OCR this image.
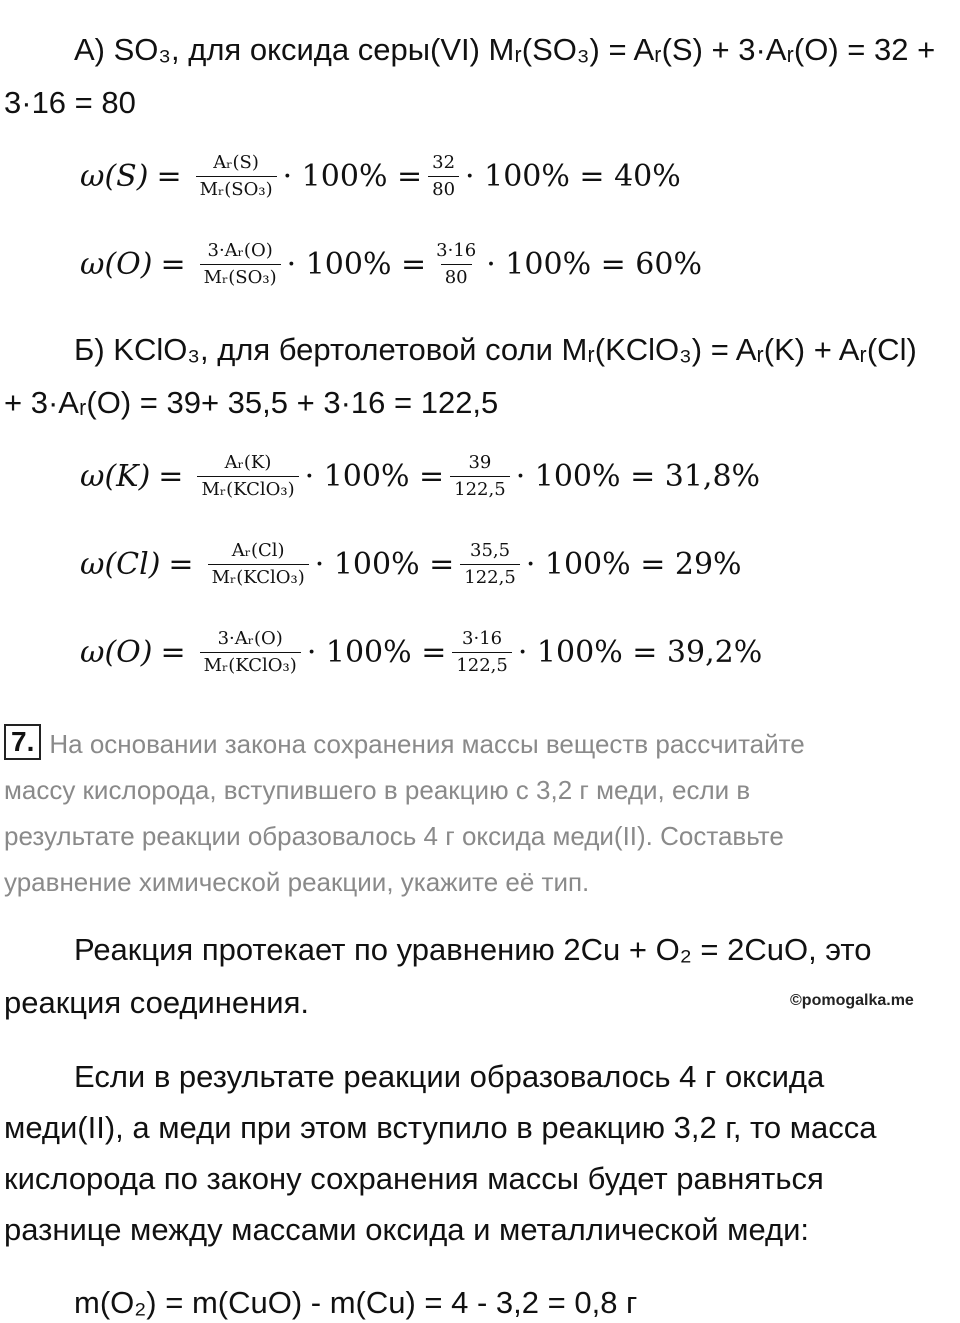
А) SO₃, для оксида серы(VI) Mᵣ(SO₃) = Aᵣ(S) + 3·Aᵣ(O) = 32 +
3·16 = 80
$\omega(S) = \frac{\text{Aᵣ(S)}}{\text{Mᵣ(SO₃)}} \cdot 100\% = \frac{32}{80} \cdot 100\% = 40\%$
$\omega(O) = \frac{\text{3·Aᵣ(O)}}{\text{Mᵣ(SO₃)}} \cdot 100\% = \frac{3\cdot 16}{80} \cdot 100\% = 60\%$
Б) KClO₃, для бертолетовой соли Mᵣ(KClO₃) = Aᵣ(K) + Aᵣ(Cl)
+ 3·Aᵣ(O) = 39+ 35,5 + 3·16 = 122,5
$\omega(K) = \frac{\text{Aᵣ(K)}}{\text{Mᵣ(KClO₃)}} \cdot 100\% = \frac{39}{122,5} \cdot 100\% = 31,8\%$
$\omega(Cl) = \frac{\text{Aᵣ(Cl)}}{\text{Mᵣ(KClO₃)}} \cdot 100\% = \frac{35,5}{122,5} \cdot 100\% = 29\%$
$\omega(O) = \frac{\text{3·Aᵣ(O)}}{\text{Mᵣ(KClO₃)}} \cdot 100\% = \frac{3\cdot 16}{122,5} \cdot 100\% = 39,2\%$
7. На основании закона сохранения массы веществ рассчитайте
массу кислорода, вступившего в реакцию с 3,2 г меди, если в
результате реакции образовалось 4 г оксида меди(II). Составьте
уравнение химической реакции, укажите её тип.
Реакция протекает по уравнению 2Cu + O₂ = 2CuO, это
реакция соединения.	©pomogalka.me
Если в результате реакции образовалось 4 г оксида
меди(II), а меди при этом вступило в реакцию 3,2 г, то масса
кислорода по закону сохранения массы будет равняться
разнице между массами оксида и металлической меди:
m(O₂) = m(CuO) - m(Cu) = 4 - 3,2 = 0,8 г
